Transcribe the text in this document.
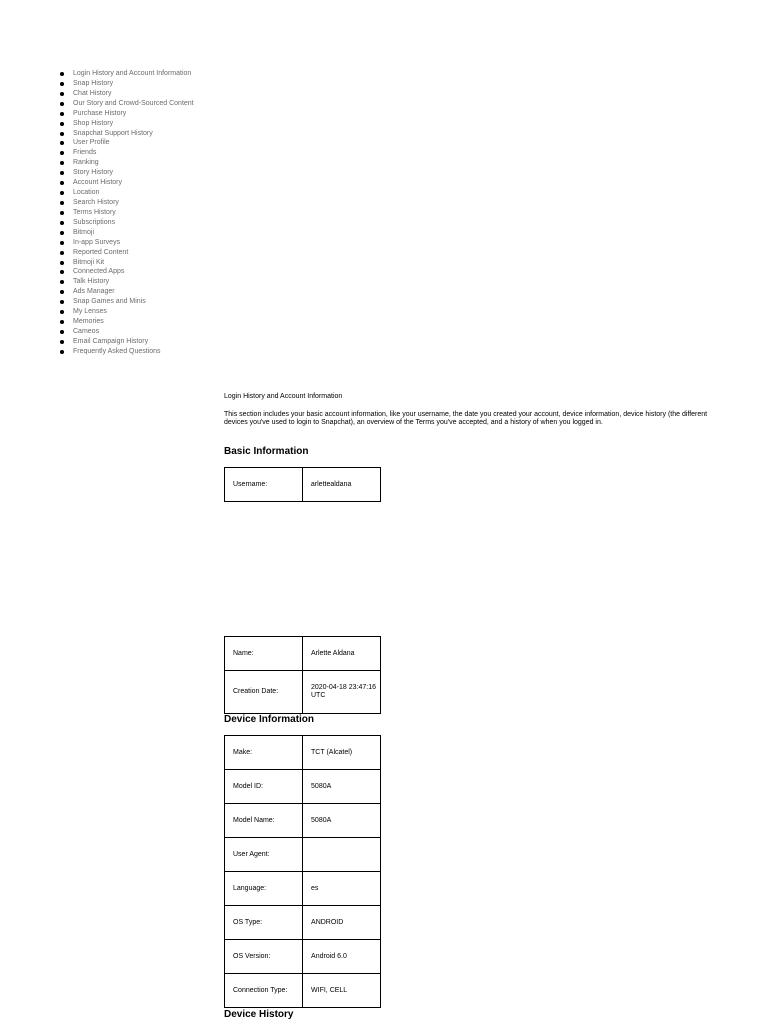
Login History and Account Information
Snap History
Chat History
Our Story and Crowd-Sourced Content
Purchase History
Shop History
Snapchat Support History
User Profile
Friends
Ranking
Story History
Account History
Location
Search History
Terms History
Subscriptions
Bitmoji
In-app Surveys
Reported Content
Bitmoji Kit
Connected Apps
Talk History
Ads Manager
Snap Games and Minis
My Lenses
Memories
Cameos
Email Campaign History
Frequently Asked Questions

Login History and Account Information

This section includes your basic account information, like your username, the date you created your account, device information, device history (the different devices you've used to login to Snapchat), an overview of the Terms you've accepted, and a history of when you logged in.

Basic Information
Username:	arlettealdana
Name:	Arlette Aldana
Creation Date:	2020-04-18 23:47:16 UTC
Device Information
Make:	TCT (Alcatel)
Model ID:	5080A
Model Name:	5080A
User Agent:	
Language:	es
OS Type:	ANDROID
OS Version:	Android 6.0
Connection Type:	WIFI, CELL
Device History
